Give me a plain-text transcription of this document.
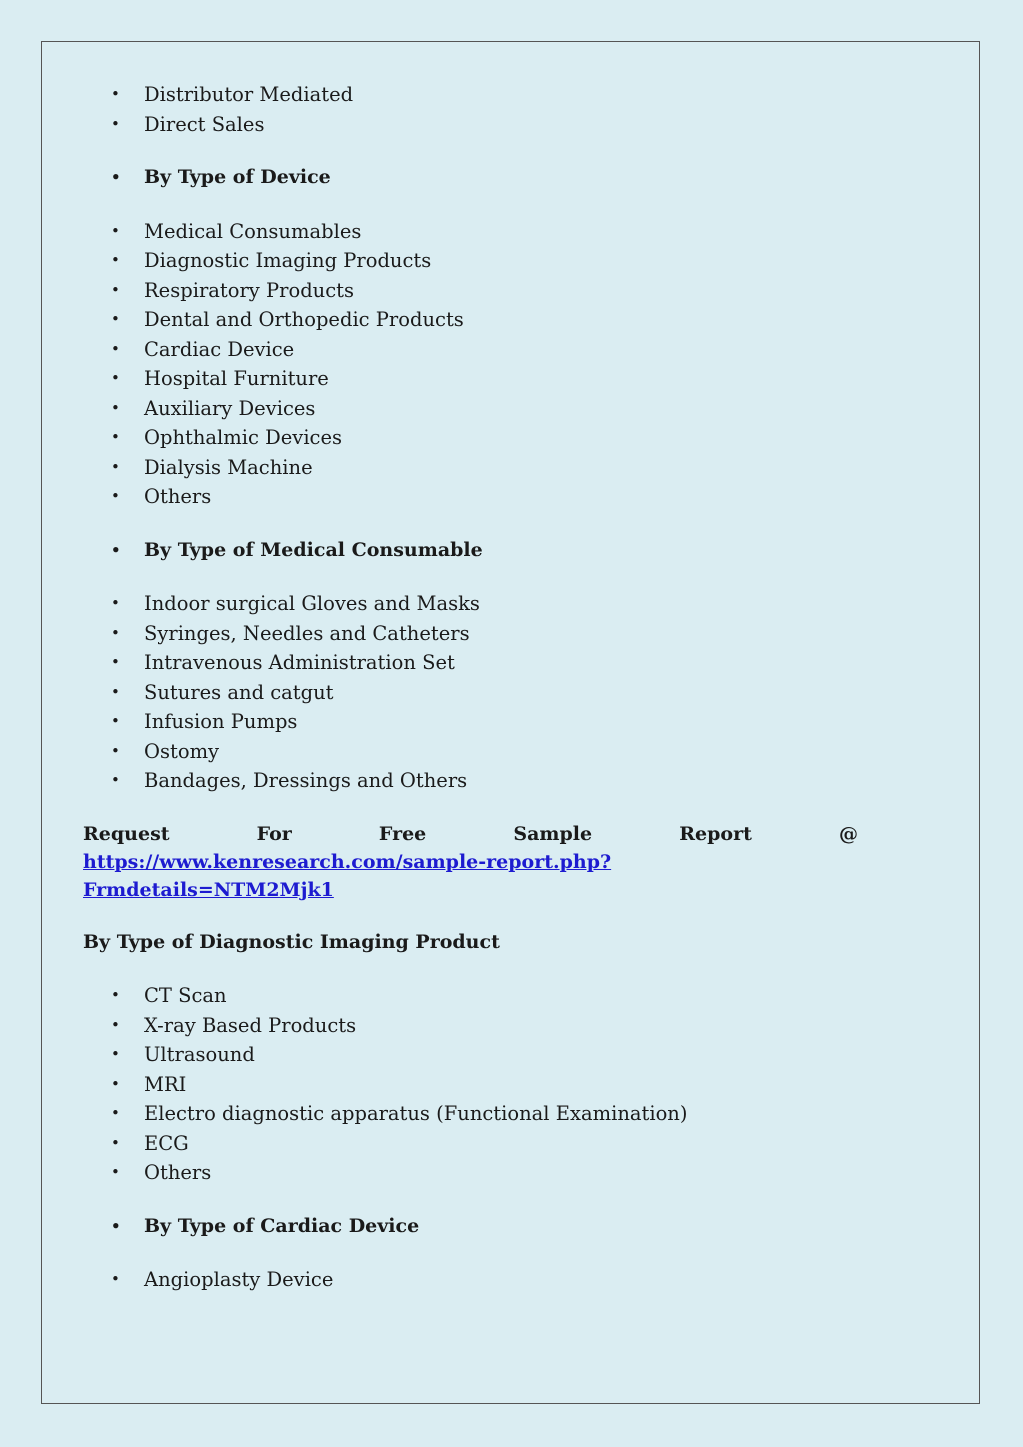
• Distributor Mediated
• Direct Sales
• By Type of Device
• Medical Consumables
• Diagnostic Imaging Products
• Respiratory Products
• Dental and Orthopedic Products
• Cardiac Device
• Hospital Furniture
• Auxiliary Devices
• Ophthalmic Devices
• Dialysis Machine
• Others
• By Type of Medical Consumable
• Indoor surgical Gloves and Masks
• Syringes, Needles and Catheters
• Intravenous Administration Set
• Sutures and catgut
• Infusion Pumps
• Ostomy
• Bandages, Dressings and Others

Request For Free Sample Report @ https://www.kenresearch.com/sample-report.php?Frmdetails=NTM2Mjk1

By Type of Diagnostic Imaging Product

• CT Scan
• X-ray Based Products
• Ultrasound
• MRI
• Electro diagnostic apparatus (Functional Examination)
• ECG
• Others
• By Type of Cardiac Device
• Angioplasty Device
